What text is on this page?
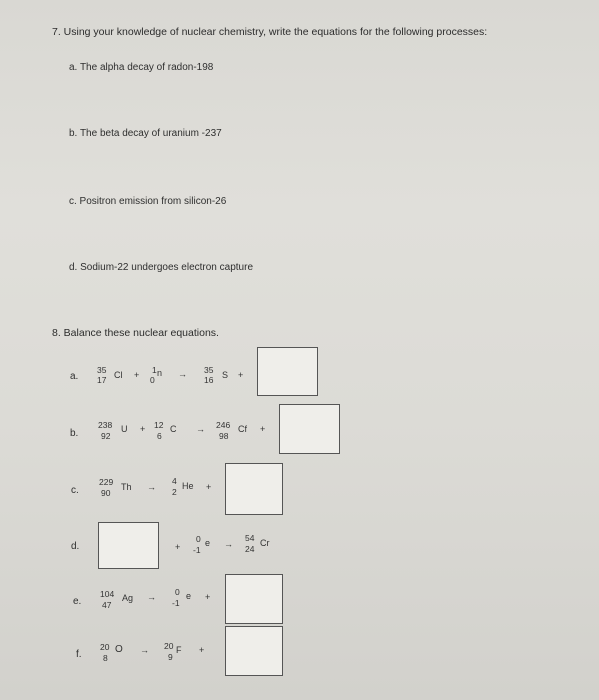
7. Using your knowledge of nuclear chemistry, write the equations for the following processes:
a. The alpha decay of radon-198
b. The beta decay of uranium -237
c. Positron emission from silicon-26
d. Sodium-22 undergoes electron capture
8. Balance these nuclear equations.
a.
35
17 Cl + 1
0
n → 35
16 S +
b.
238
92
U + 12
6
C → 246
98
Cf +
c.
229
90
Th →
4
2
He +
d.	+
0
-1
e →
54
24
Cr
e.
104
47
Ag → 0
-1
e +
f.
20
8
O → 20
9
F +
